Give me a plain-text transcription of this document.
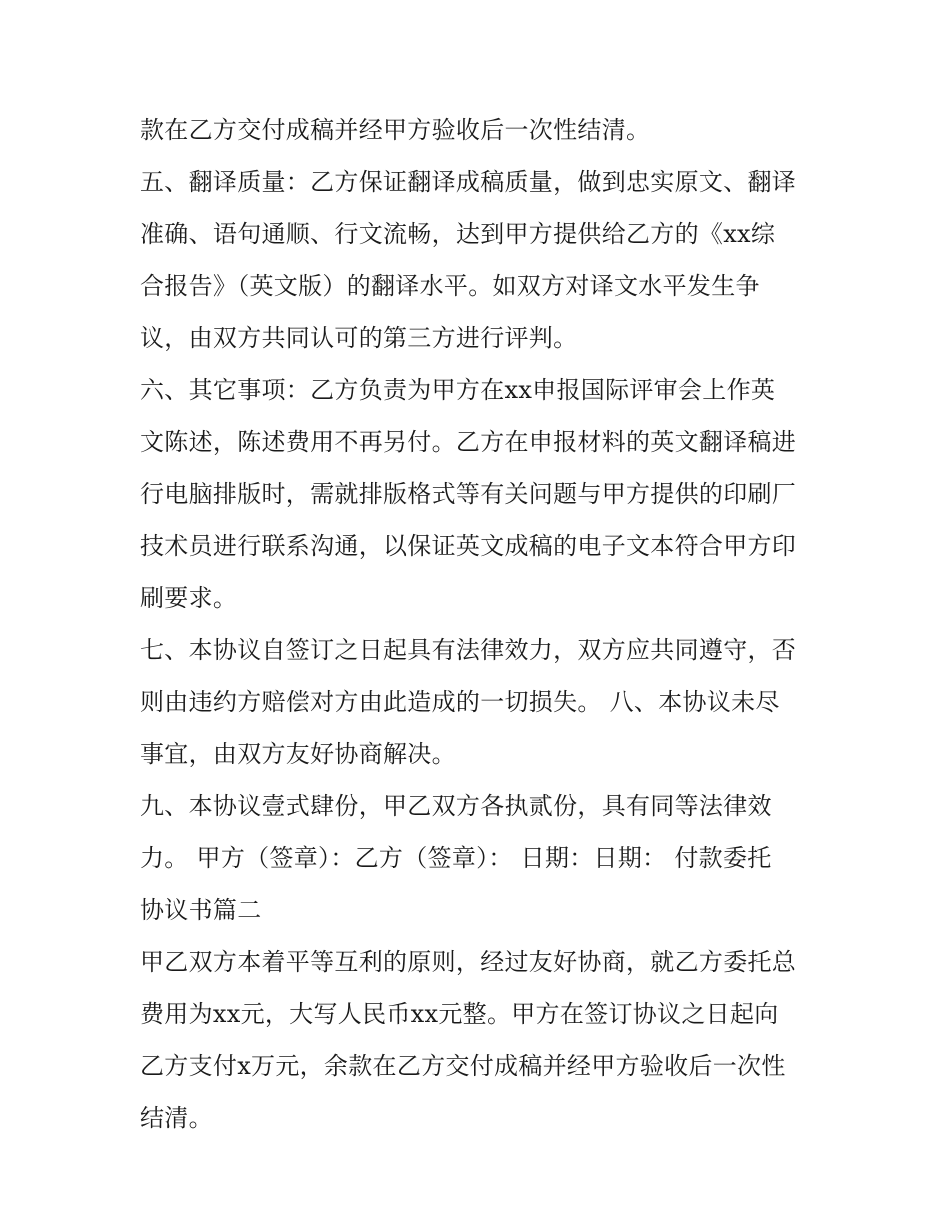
款在乙方交付成稿并经甲方验收后一次性结清。
五、翻译质量：乙方保证翻译成稿质量，做到忠实原文、翻译
准确、语句通顺、行文流畅，达到甲方提供给乙方的《xx综
合报告》（英文版）的翻译水平。如双方对译文水平发生争
议，由双方共同认可的第三方进行评判。
六、其它事项：乙方负责为甲方在xx申报国际评审会上作英
文陈述，陈述费用不再另付。乙方在申报材料的英文翻译稿进
行电脑排版时，需就排版格式等有关问题与甲方提供的印刷厂
技术员进行联系沟通，以保证英文成稿的电子文本符合甲方印
刷要求。
七、本协议自签订之日起具有法律效力，双方应共同遵守，否
则由违约方赔偿对方由此造成的一切损失。 八、本协议未尽
事宜，由双方友好协商解决。
九、本协议壹式肆份，甲乙双方各执贰份，具有同等法律效
力。 甲方（签章）：乙方（签章）： 日期：日期： 付款委托
协议书篇二
甲乙双方本着平等互利的原则，经过友好协商，就乙方委托总
费用为xx元，大写人民币xx元整。甲方在签订协议之日起向
乙方支付x万元，余款在乙方交付成稿并经甲方验收后一次性
结清。
